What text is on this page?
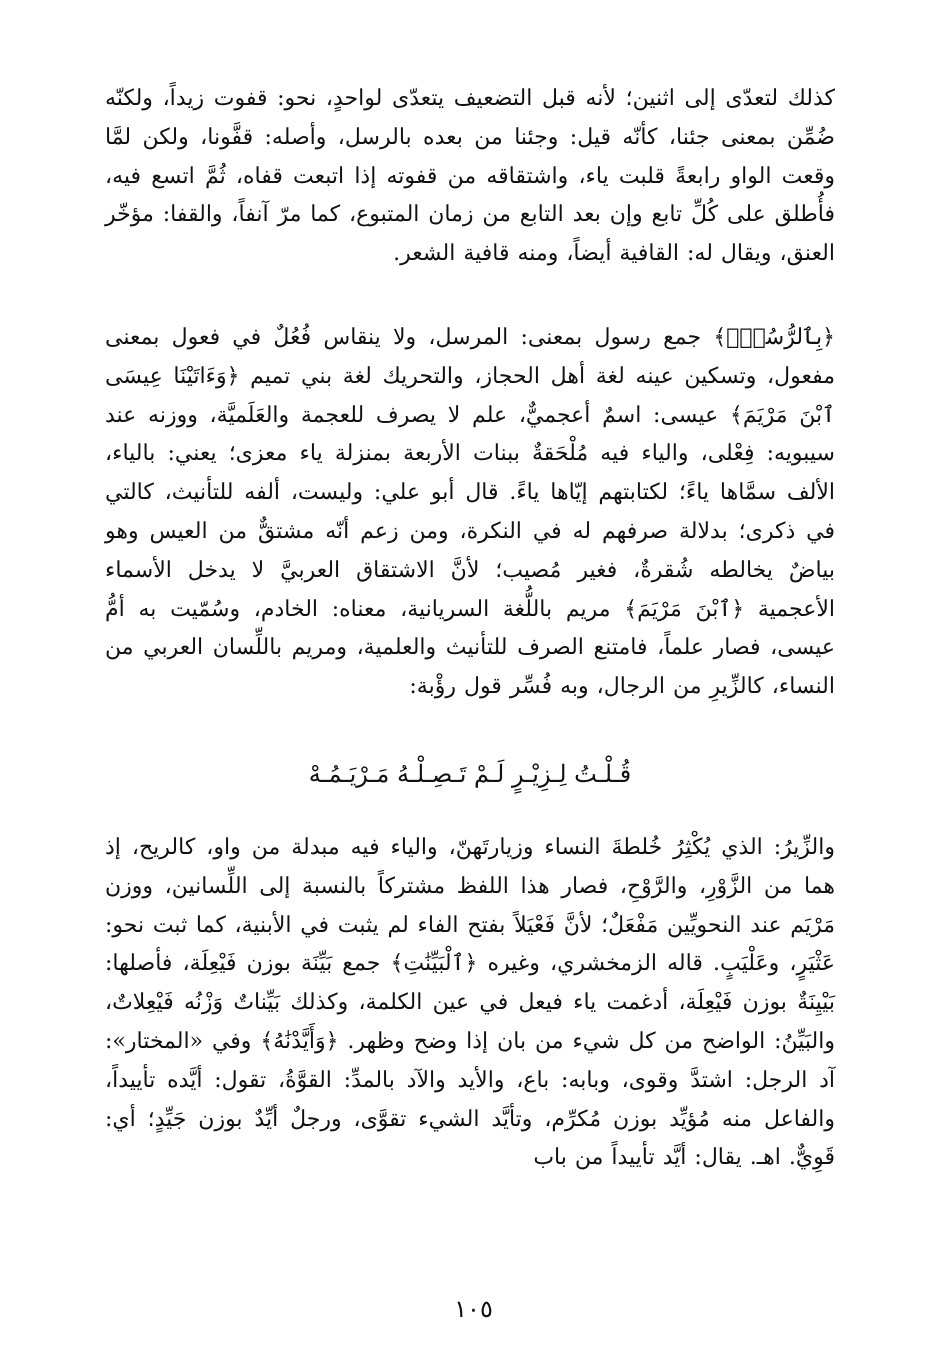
كذلك لتعدّى إلى اثنين؛ لأنه قبل التضعيف يتعدّى لواحدٍ، نحو: قفوت زيداً، ولكنّه ضُمِّن بمعنى جئنا، كأنّه قيل: وجئنا من بعده بالرسل، وأصله: قفَّونا، ولكن لمَّا وقعت الواو رابعةً قلبت ياء، واشتقاقه من قفوته إذا اتبعت قفاه، ثُمَّ اتسع فيه، فأُطلق على كُلِّ تابع وإن بعد التابع من زمان المتبوع، كما مرّ آنفاً، والقفا: مؤخّر العنق، ويقال له: القافية أيضاً، ومنه قافية الشعر.

﴿بِٱلرُّسُلِۖ﴾ جمع رسول بمعنى: المرسل، ولا ينقاس فُعُلٌ في فعول بمعنى مفعول، وتسكين عينه لغة أهل الحجاز، والتحريك لغة بني تميم ﴿وَءَاتَيْنَا عِيسَى ٱبْنَ مَرْيَمَ﴾ عيسى: اسمٌ أعجميٌّ، علم لا يصرف للعجمة والعَلَميَّة، ووزنه عند سيبويه: فِعْلى، والياء فيه مُلْحَقةٌ ببنات الأربعة بمنزلة ياء معزى؛ يعني: بالياء، الألف سمَّاها ياءً؛ لكتابتهم إيّاها ياءً. قال أبو علي: وليست، ألفه للتأنيث، كالتي في ذكرى؛ بدلالة صرفهم له في النكرة، ومن زعم أنّه مشتقٌّ من العيس وهو بياضٌ يخالطه شُقرةٌ، فغير مُصيب؛ لأنَّ الاشتقاق العربيَّ لا يدخل الأسماء الأعجمية ﴿ٱبْنَ مَرْيَمَ﴾ مريم باللُّغة السريانية، معناه: الخادم، وسُمّيت به أمُّ عيسى، فصار علماً، فامتنع الصرف للتأنيث والعلمية، ومريم باللِّسان العربي من النساء، كالزِّيرِ من الرجال، وبه فُسِّر قول رؤْبة:

قُـلْـتُ لِـزِيْـرٍ لَـمْ تَـصِـلْـهُ مَـرْيَـمُـهْ

والزِّيرُ: الذي يُكْثِرُ خُلطةَ النساء وزيارتَهنّ، والياء فيه مبدلة من واو، كالريح، إذ هما من الزَّوْرِ، والرَّوْحِ، فصار هذا اللفظ مشتركاً بالنسبة إلى اللِّسانين، ووزن مَرْيَم عند النحويِّين مَفْعَلٌ؛ لأنَّ فَعْيَلاً بفتح الفاء لم يثبت في الأبنية، كما ثبت نحو: عَثْيَرٍ، وعَلْيَبٍ. قاله الزمخشري، وغيره ﴿ٱلْبَيِّنَٰتِ﴾ جمع بَيِّنَة بوزن فَيْعِلَة، فأصلها: بَيْيِنَةٌ بوزن فَيْعِلَة، أدغمت ياء فيعل في عين الكلمة، وكذلك بَيِّناتٌ وَزْنُه فَيْعِلاتٌ، والبَيِّنُ: الواضح من كل شيء من بان إذا وضح وظهر. ﴿وَأَيَّدْنَٰهُ﴾ وفي «المختار»: آد الرجل: اشتدَّ وقوى، وبابه: باع، والأيد والآد بالمدِّ: القوَّةُ، تقول: أيَّده تأييداً، والفاعل منه مُؤيِّد بوزن مُكرِّم، وتأيَّد الشيء تقوَّى، ورجلٌ أيِّدٌ بوزن جَيِّدٍ؛ أي: قَوِيٌّ. اهـ. يقال: أيَّد تأييداً من باب

١٠٥
